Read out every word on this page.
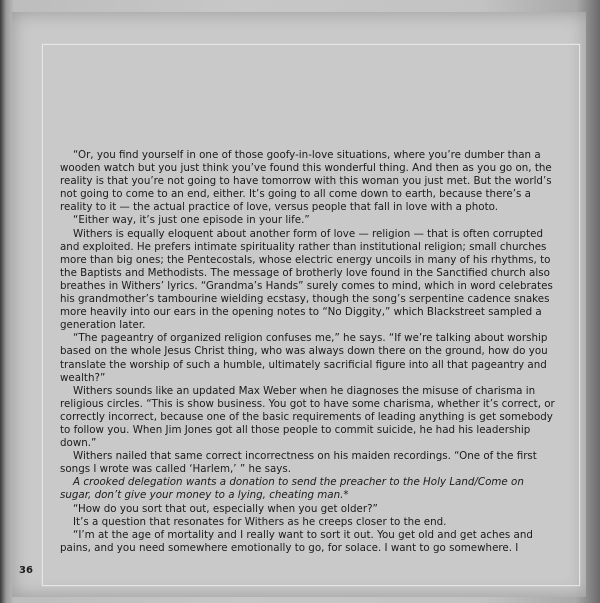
“Or, you find yourself in one of those goofy-in-love situations, where you’re dumber than a wooden watch but you just think you’ve found this wonderful thing. And then as you go on, the reality is that you’re not going to have tomorrow with this woman you just met. But the world’s not going to come to an end, either. It’s going to all come down to earth, because there’s a reality to it — the actual practice of love, versus people that fall in love with a photo.

“Either way, it’s just one episode in your life.”

Withers is equally eloquent about another form of love — religion — that is often corrupted and exploited. He prefers intimate spirituality rather than institutional religion; small churches more than big ones; the Pentecostals, whose electric energy uncoils in many of his rhythms, to the Baptists and Methodists. The message of brotherly love found in the Sanctified church also breathes in Withers’ lyrics. “Grandma’s Hands” surely comes to mind, which in word celebrates his grandmother’s tambourine wielding ecstasy, though the song’s serpentine cadence snakes more heavily into our ears in the opening notes to “No Diggity,” which Blackstreet sampled a generation later.

“The pageantry of organized religion confuses me,” he says. “If we’re talking about worship based on the whole Jesus Christ thing, who was always down there on the ground, how do you translate the worship of such a humble, ultimately sacrificial figure into all that pageantry and wealth?”

Withers sounds like an updated Max Weber when he diagnoses the misuse of charisma in religious circles. “This is show business. You got to have some charisma, whether it’s correct, or correctly incorrect, because one of the basic requirements of leading anything is get somebody to follow you. When Jim Jones got all those people to commit suicide, he had his leadership down.”

Withers nailed that same correct incorrectness on his maiden recordings. “One of the first songs I wrote was called ‘Harlem,’ ” he says.

A crooked delegation wants a donation to send the preacher to the Holy Land/Come on sugar, don’t give your money to a lying, cheating man.*

“How do you sort that out, especially when you get older?”

It’s a question that resonates for Withers as he creeps closer to the end.

“I’m at the age of mortality and I really want to sort it out. You get old and get aches and pains, and you need somewhere emotionally to go, for solace. I want to go somewhere. I

36
